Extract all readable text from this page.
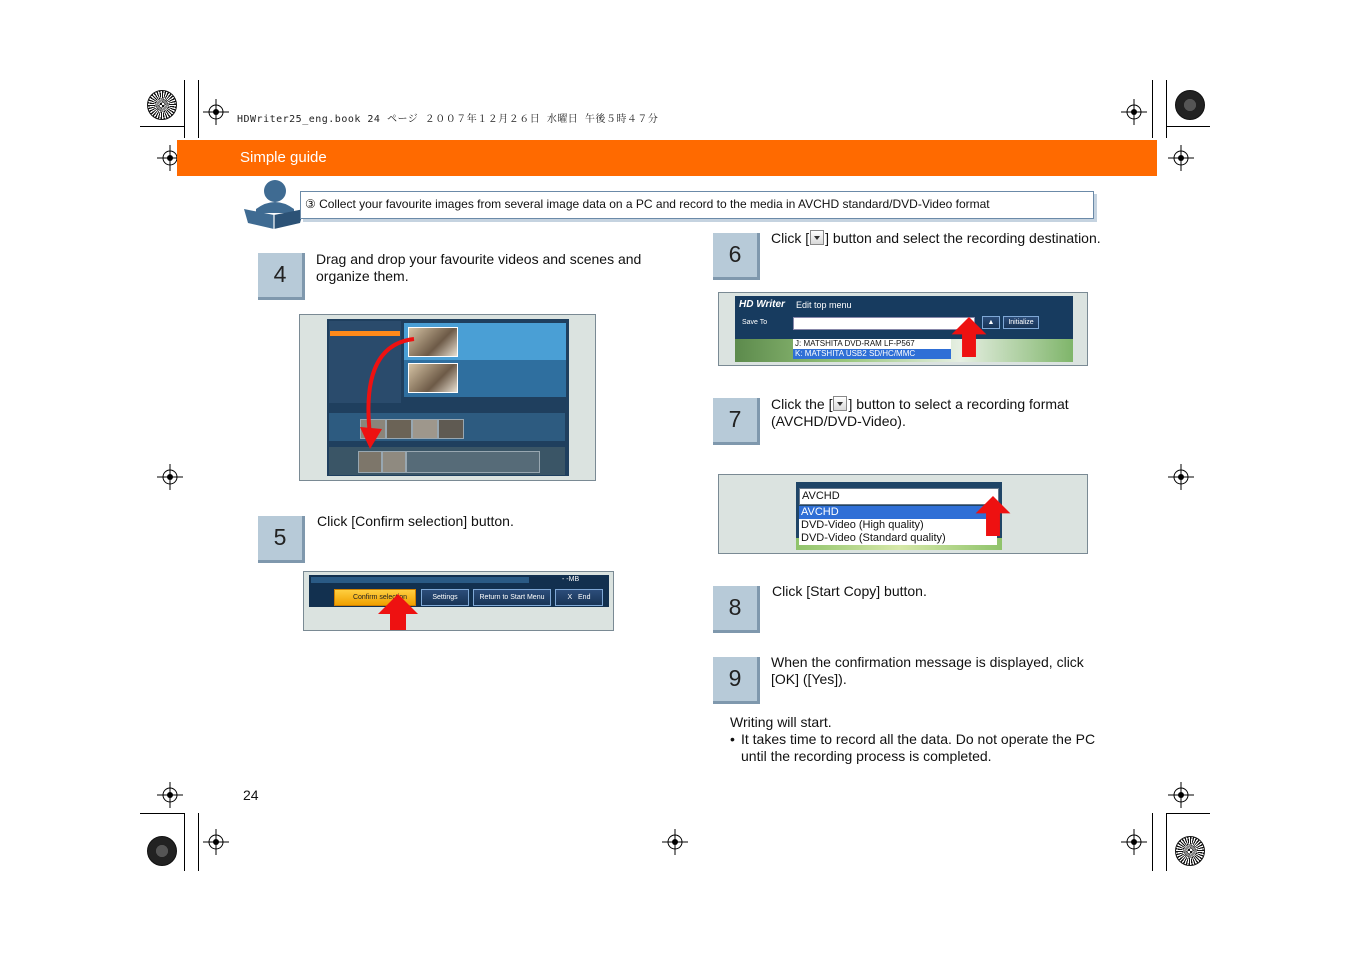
HDWriter25_eng.book 24 ページ ２００７年１２月２６日 水曜日 午後５時４７分
Simple guide
③ Collect your favourite images from several image data on a PC and record to the media in AVCHD standard/DVD-Video format
4
Drag and drop your favourite videos and scenes and organize them.
5
Click [Confirm selection] button.
- -MB
Confirm selection	Settings	Return to Start Menu	X End
6
Click [ ] button and select the recording destination.
HD Writer Edit top menu
Save To	▲	Initialize
J: MATSHITA DVD-RAM LF-P567
K: MATSHITA USB2 SD/HC/MMC
7
Click the [ ] button to select a recording format (AVCHD/DVD-Video).
AVCHD
AVCHD
DVD-Video (High quality)
DVD-Video (Standard quality)
8
Click [Start Copy] button.
9
When the confirmation message is displayed, click [OK] ([Yes]).
Writing will start.
• It takes time to record all the data. Do not operate the PC until the recording process is completed.
24
